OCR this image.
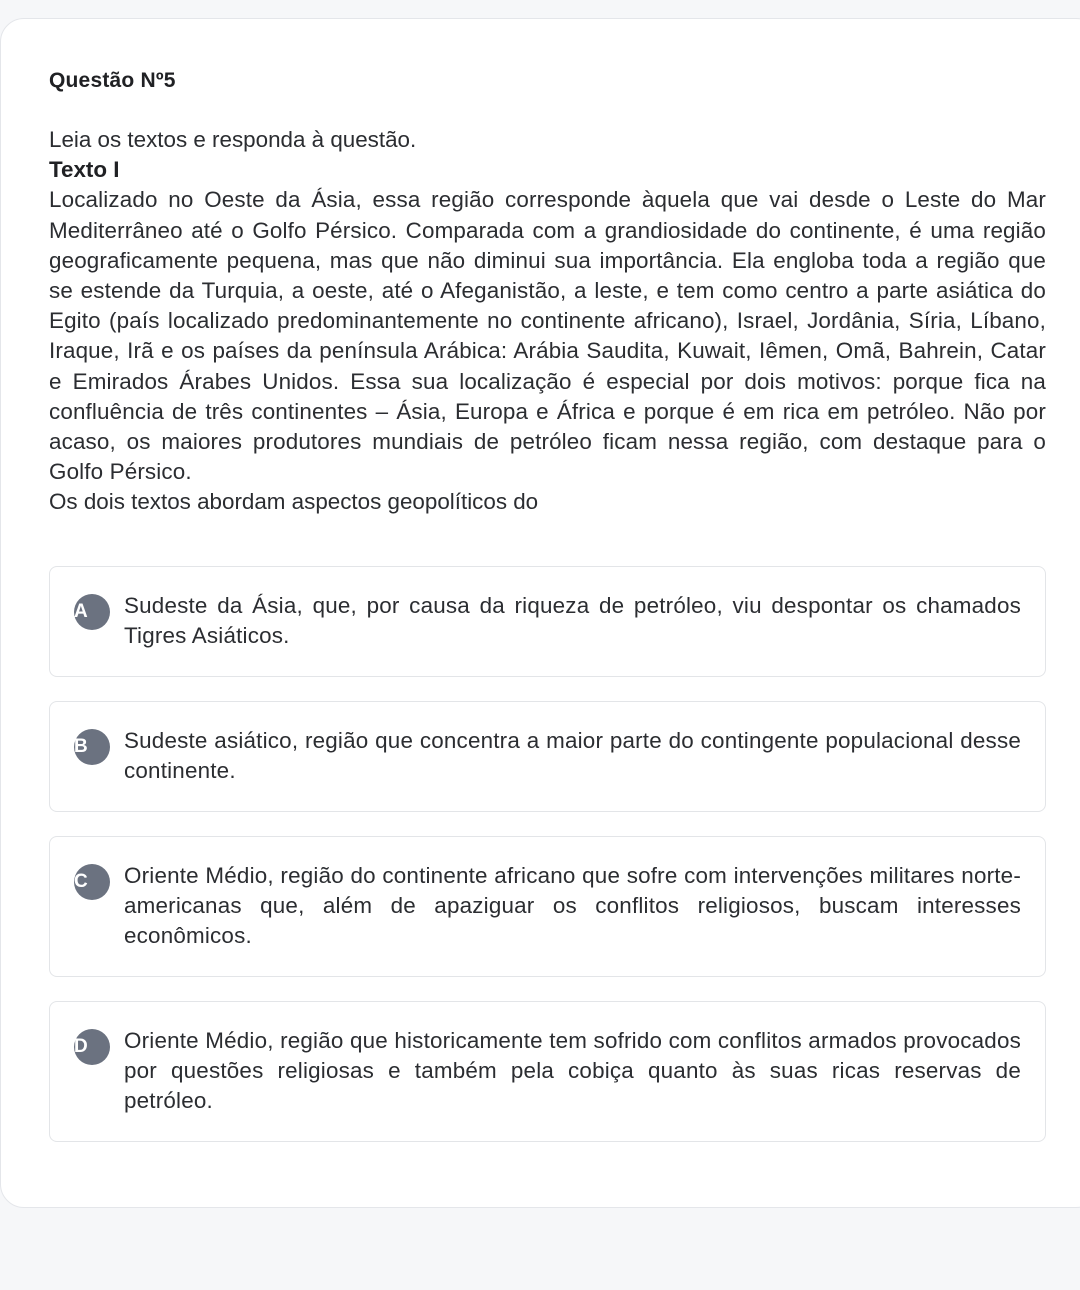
Questão Nº5

Leia os textos e responda à questão.

Texto I

Localizado no Oeste da Ásia, essa região corresponde àquela que vai desde o Leste do Mar Mediterrâneo até o Golfo Pérsico. Comparada com a grandiosidade do continente, é uma região geograficamente pequena, mas que não diminui sua importância. Ela engloba toda a região que se estende da Turquia, a oeste, até o Afeganistão, a leste, e tem como centro a parte asiática do Egito (país localizado predominantemente no continente africano), Israel, Jordânia, Síria, Líbano, Iraque, Irã e os países da península Arábica: Arábia Saudita, Kuwait, Iêmen, Omã, Bahrein, Catar e Emirados Árabes Unidos. Essa sua localização é especial por dois motivos: porque fica na confluência de três continentes – Ásia, Europa e África e porque é em rica em petróleo. Não por acaso, os maiores produtores mundiais de petróleo ficam nessa região, com destaque para o Golfo Pérsico.

Os dois textos abordam aspectos geopolíticos do

A	Sudeste da Ásia, que, por causa da riqueza de petróleo, viu despontar os chamados Tigres Asiáticos.
B	Sudeste asiático, região que concentra a maior parte do contingente populacional desse continente.
C	Oriente Médio, região do continente africano que sofre com intervenções militares norte-americanas que, além de apaziguar os conflitos religiosos, buscam interesses econômicos.
D	Oriente Médio, região que historicamente tem sofrido com conflitos armados provocados por questões religiosas e também pela cobiça quanto às suas ricas reservas de petróleo.
